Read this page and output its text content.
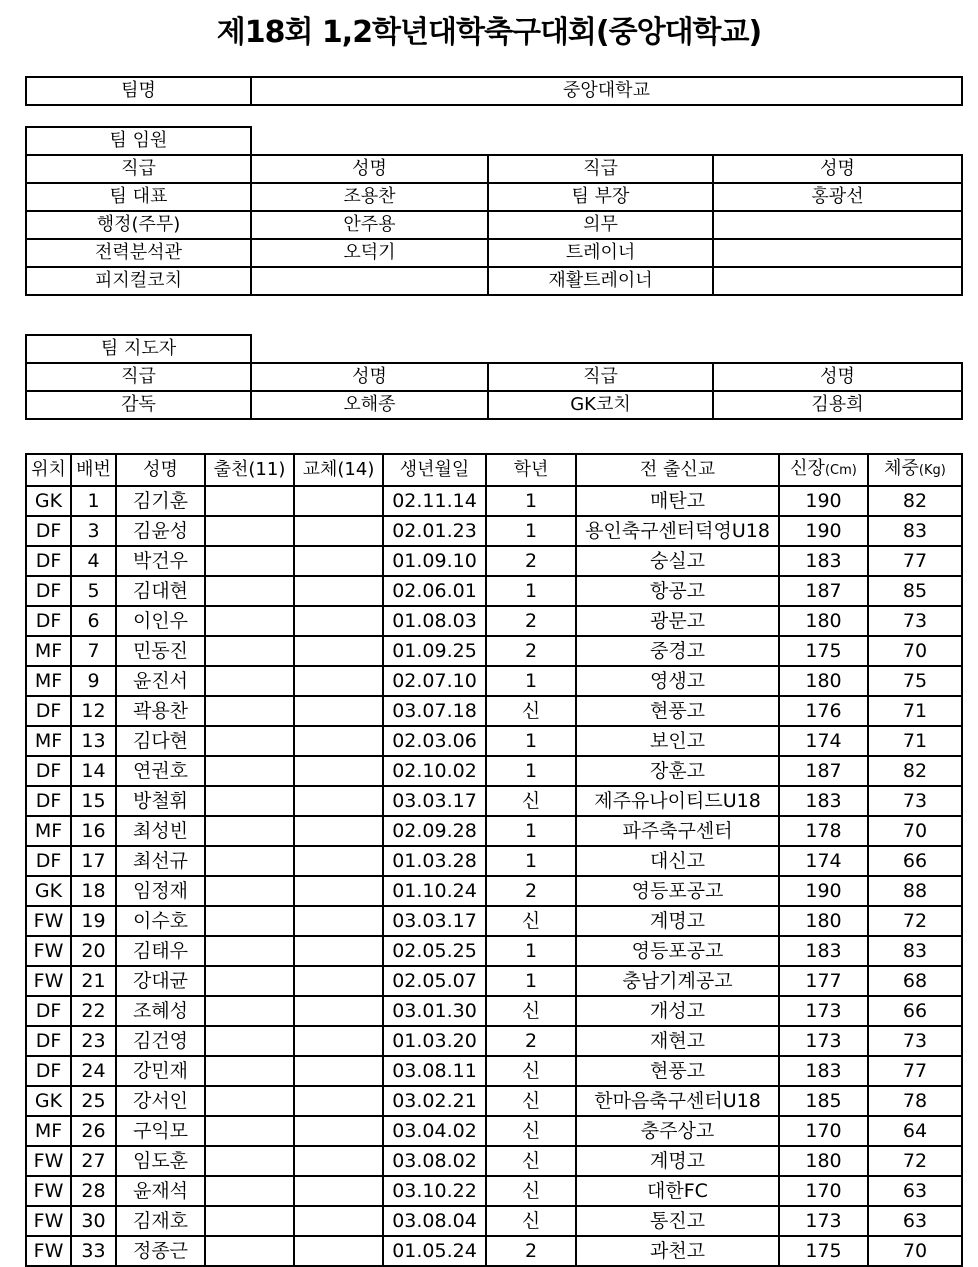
제18회 1,2학년대학축구대회(중앙대학교)
팀명	중앙대학교
팀 임원			
직급	성명	직급	성명
팀 대표	조용찬	팀 부장	홍광선
행정(주무)	안주용	의무	
전력분석관	오덕기	트레이너	
피지컬코치		재활트레이너	
팀 지도자			
직급	성명	직급	성명
감독	오해종	GK코치	김용희
위치	배번	성명	출천(11)	교체(14)	생년월일	학년	전 출신교	신장(Cm)	체중(Kg)
GK	1	김기훈			02.11.14	1	매탄고	190	82
DF	3	김윤성			02.01.23	1	용인축구센터덕영U18	190	83
DF	4	박건우			01.09.10	2	숭실고	183	77
DF	5	김대현			02.06.01	1	항공고	187	85
DF	6	이인우			01.08.03	2	광문고	180	73
MF	7	민동진			01.09.25	2	중경고	175	70
MF	9	윤진서			02.07.10	1	영생고	180	75
DF	12	곽용찬			03.07.18	신	현풍고	176	71
MF	13	김다현			02.03.06	1	보인고	174	71
DF	14	연권호			02.10.02	1	장훈고	187	82
DF	15	방철휘			03.03.17	신	제주유나이티드U18	183	73
MF	16	최성빈			02.09.28	1	파주축구센터	178	70
DF	17	최선규			01.03.28	1	대신고	174	66
GK	18	임정재			01.10.24	2	영등포공고	190	88
FW	19	이수호			03.03.17	신	계명고	180	72
FW	20	김태우			02.05.25	1	영등포공고	183	83
FW	21	강대균			02.05.07	1	충남기계공고	177	68
DF	22	조혜성			03.01.30	신	개성고	173	66
DF	23	김건영			01.03.20	2	재현고	173	73
DF	24	강민재			03.08.11	신	현풍고	183	77
GK	25	강서인			03.02.21	신	한마음축구센터U18	185	78
MF	26	구익모			03.04.02	신	충주상고	170	64
FW	27	임도훈			03.08.02	신	계명고	180	72
FW	28	윤재석			03.10.22	신	대한FC	170	63
FW	30	김재호			03.08.04	신	통진고	173	63
FW	33	정종근			01.05.24	2	과천고	175	70
